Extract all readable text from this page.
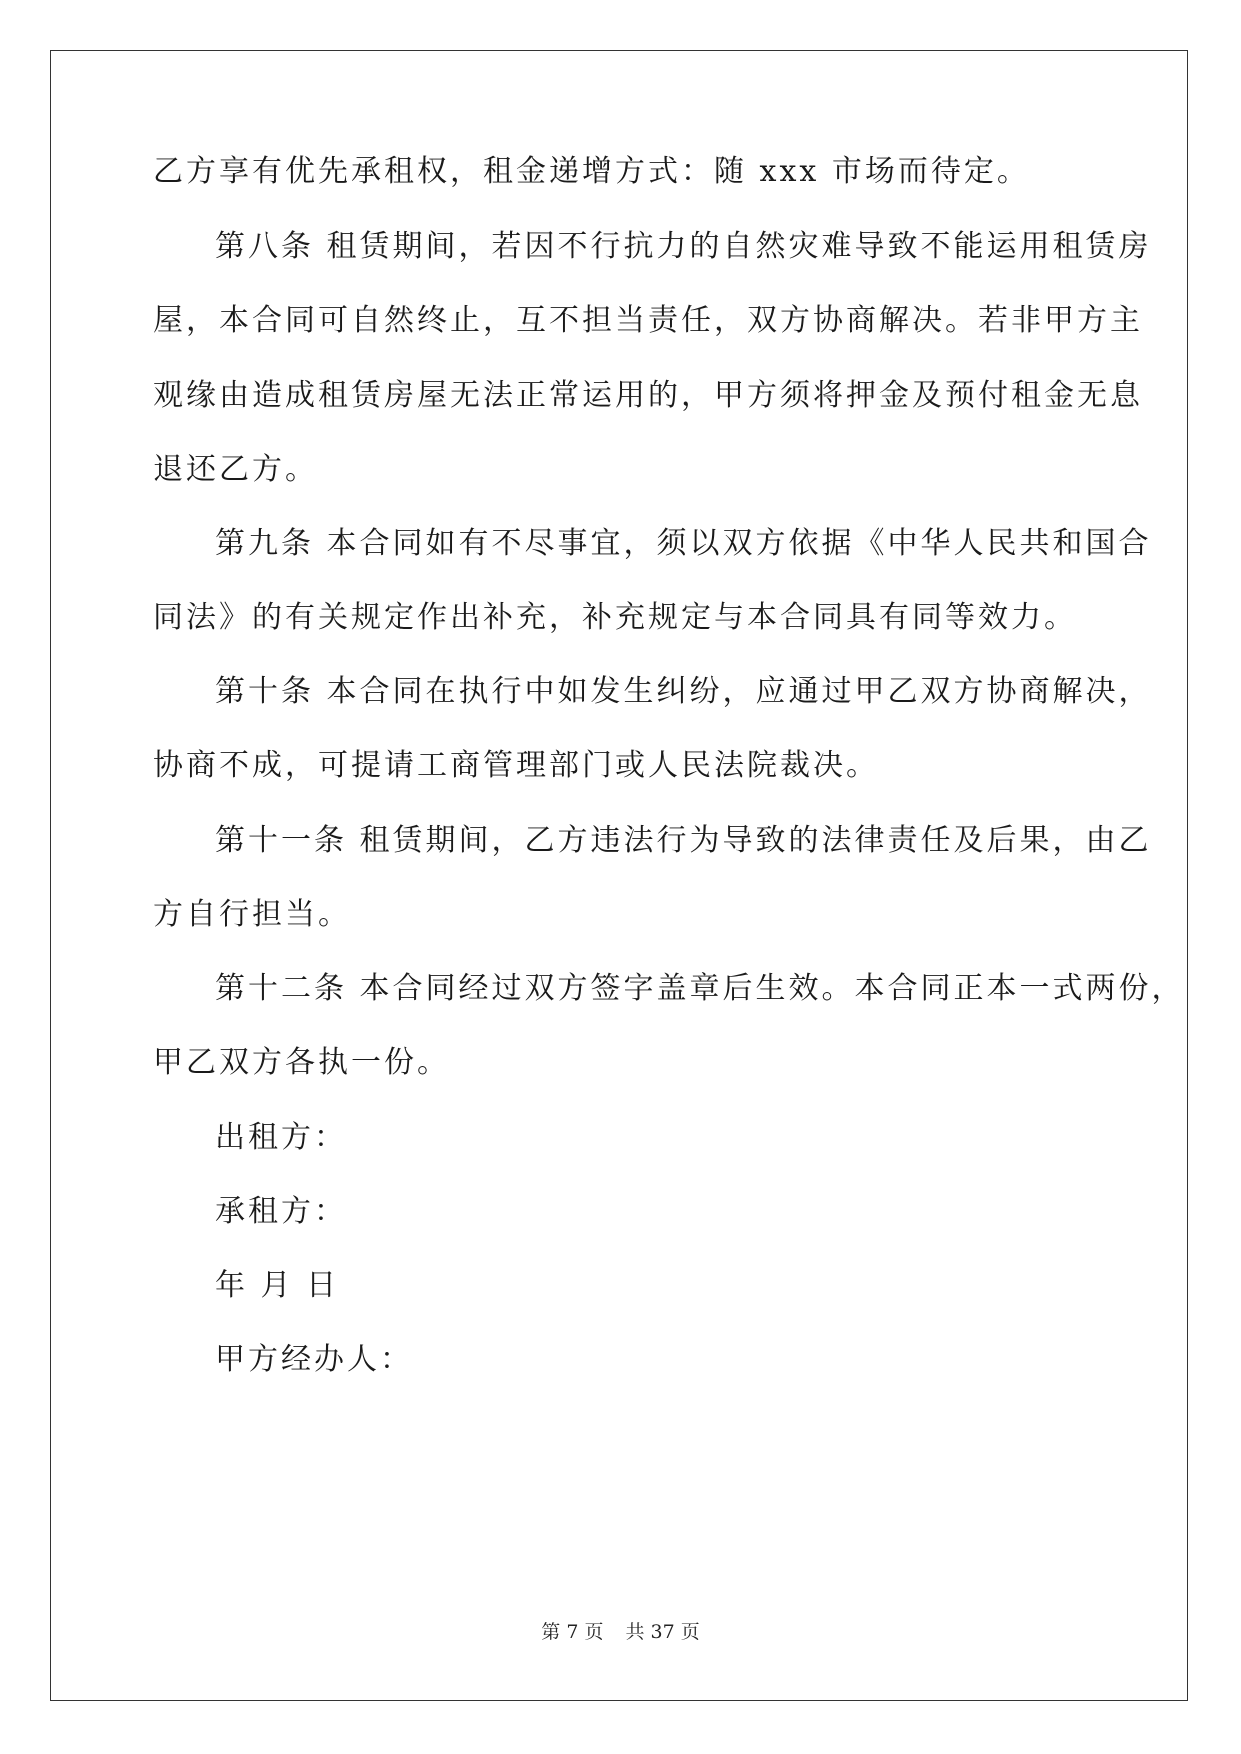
乙方享有优先承租权，租金递增方式：随 xxx 市场而待定。

第八条 租赁期间，若因不行抗力的自然灾难导致不能运用租赁房

屋，本合同可自然终止，互不担当责任，双方协商解决。若非甲方主

观缘由造成租赁房屋无法正常运用的，甲方须将押金及预付租金无息

退还乙方。

第九条 本合同如有不尽事宜，须以双方依据《中华人民共和国合

同法》的有关规定作出补充，补充规定与本合同具有同等效力。

第十条 本合同在执行中如发生纠纷，应通过甲乙双方协商解决，

协商不成，可提请工商管理部门或人民法院裁决。

第十一条 租赁期间，乙方违法行为导致的法律责任及后果，由乙

方自行担当。

第十二条 本合同经过双方签字盖章后生效。本合同正本一式两份，

甲乙双方各执一份。

出租方：

承租方：

年 月 日

甲方经办人：

第 7 页 共 37 页
